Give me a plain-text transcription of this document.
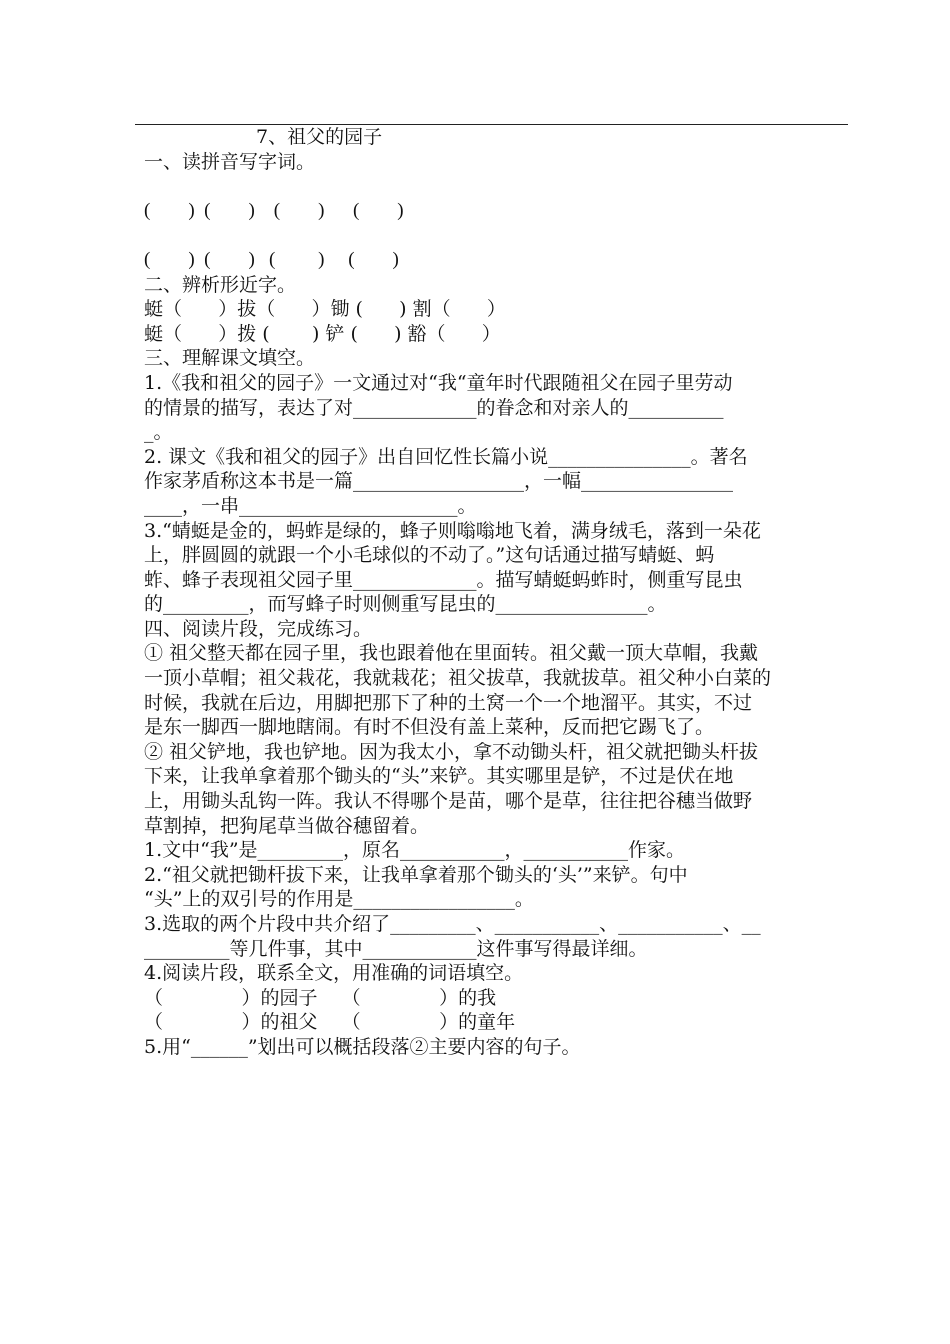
7、祖父的园子
一、读拼音写字词。

(        )  (        )    (        )      (        )

(        )  (        )   (         )     (        )
二、辨析形近字。
蜓（      ）拔（      ）锄 (      ) 割（      ）
蜓（      ）拨 (       ) 铲 (      ) 豁（      ）
三、理解课文填空。
1.《我和祖父的园子》一文通过对“我“童年时代跟随祖父在园子里劳动
的情景的描写，表达了对_____________的眷念和对亲人的__________
_。
2. 课文《我和祖父的园子》出自回忆性长篇小说_______________。著名
作家茅盾称这本书是一篇__________________，一幅________________
____，一串_______________________。
3.“蜻蜓是金的，蚂蚱是绿的，蜂子则嗡嗡地飞着，满身绒毛，落到一朵花
上，胖圆圆的就跟一个小毛球似的不动了。”这句话通过描写蜻蜓、蚂
蚱、蜂子表现祖父园子里_____________。描写蜻蜓蚂蚱时，侧重写昆虫
的_________，而写蜂子时则侧重写昆虫的________________。
四、阅读片段，完成练习。
① 祖父整天都在园子里，我也跟着他在里面转。祖父戴一顶大草帽，我戴
一顶小草帽；祖父栽花，我就栽花；祖父拔草，我就拔草。祖父种小白菜的
时候，我就在后边，用脚把那下了种的土窝一个一个地溜平。其实，不过
是东一脚西一脚地瞎闹。有时不但没有盖上菜种，反而把它踢飞了。
② 祖父铲地，我也铲地。因为我太小，拿不动锄头杆，祖父就把锄头杆拔
下来，让我单拿着那个锄头的“头”来铲。其实哪里是铲，不过是伏在地
上，用锄头乱钩一阵。我认不得哪个是苗，哪个是草，往往把谷穗当做野
草割掉，把狗尾草当做谷穗留着。
1.文中“我”是_________，原名___________，___________作家。
2.“祖父就把锄杆拔下来，让我单拿着那个锄头的‘头’”来铲。句中
“头”上的双引号的作用是_________________。
3.选取的两个片段中共介绍了_________、___________、___________、__
_________等几件事，其中____________这件事写得最详细。
4.阅读片段，联系全文，用准确的词语填空。
（             ）的园子    （             ）的我
（             ）的祖父    （             ）的童年
5.用“______”划出可以概括段落②主要内容的句子。
